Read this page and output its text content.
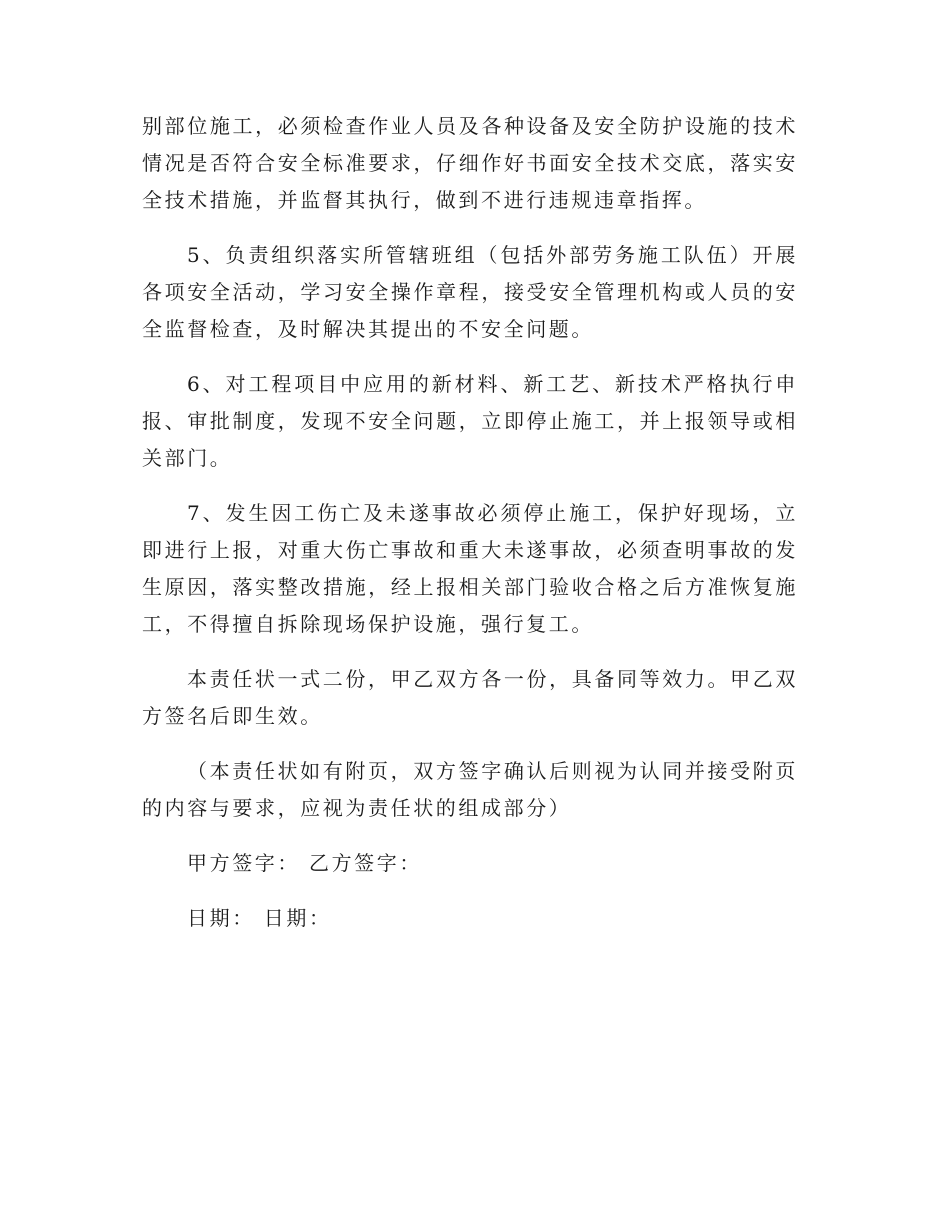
别部位施工，必须检查作业人员及各种设备及安全防护设施的技术情况是否符合安全标准要求，仔细作好书面安全技术交底，落实安全技术措施，并监督其执行，做到不进行违规违章指挥。

5、负责组织落实所管辖班组（包括外部劳务施工队伍）开展各项安全活动，学习安全操作章程，接受安全管理机构或人员的安全监督检查，及时解决其提出的不安全问题。

6、对工程项目中应用的新材料、新工艺、新技术严格执行申报、审批制度，发现不安全问题，立即停止施工，并上报领导或相关部门。

7、发生因工伤亡及未遂事故必须停止施工，保护好现场，立即进行上报，对重大伤亡事故和重大未遂事故，必须查明事故的发生原因，落实整改措施，经上报相关部门验收合格之后方准恢复施工，不得擅自拆除现场保护设施，强行复工。

本责任状一式二份，甲乙双方各一份，具备同等效力。甲乙双方签名后即生效。

（本责任状如有附页，双方签字确认后则视为认同并接受附页的内容与要求，应视为责任状的组成部分）

甲方签字： 乙方签字：
日期： 日期：
